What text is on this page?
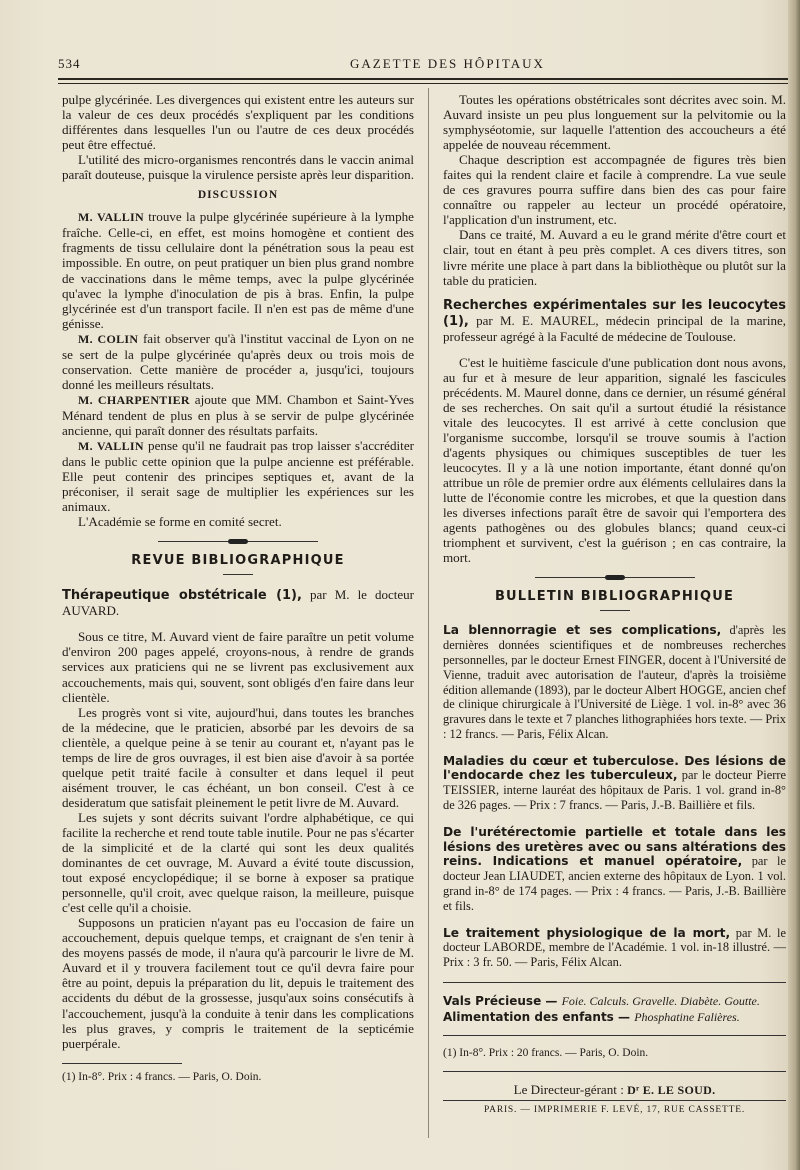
534	GAZETTE DES HÔPITAUX

pulpe glycérinée. Les divergences qui existent entre les auteurs sur la valeur de ces deux procédés s'expliquent par les conditions différentes dans lesquelles l'un ou l'autre de ces deux procédés peut être effectué.

L'utilité des micro-organismes rencontrés dans le vaccin animal paraît douteuse, puisque la virulence persiste après leur disparition.

DISCUSSION

M. VALLIN trouve la pulpe glycérinée supérieure à la lymphe fraîche. Celle-ci, en effet, est moins homogène et contient des fragments de tissu cellulaire dont la pénétration sous la peau est impossible. En outre, on peut pratiquer un bien plus grand nombre de vaccinations dans le même temps, avec la pulpe glycérinée qu'avec la lymphe d'inoculation de pis à bras. Enfin, la pulpe glycérinée est d'un transport facile. Il n'en est pas de même d'une génisse.

M. COLIN fait observer qu'à l'institut vaccinal de Lyon on ne se sert de la pulpe glycérinée qu'après deux ou trois mois de conservation. Cette manière de procéder a, jusqu'ici, toujours donné les meilleurs résultats.

M. CHARPENTIER ajoute que MM. Chambon et Saint-Yves Ménard tendent de plus en plus à se servir de pulpe glycérinée ancienne, qui paraît donner des résultats parfaits.

M. VALLIN pense qu'il ne faudrait pas trop laisser s'accréditer dans le public cette opinion que la pulpe ancienne est préférable. Elle peut contenir des principes septiques et, avant de la préconiser, il serait sage de multiplier les expériences sur les animaux.

L'Académie se forme en comité secret.

REVUE BIBLIOGRAPHIQUE
Thérapeutique obstétricale (1), par M. le docteur AUVARD.

Sous ce titre, M. Auvard vient de faire paraître un petit volume d'environ 200 pages appelé, croyons-nous, à rendre de grands services aux praticiens qui ne se livrent pas exclusivement aux accouchements, mais qui, souvent, sont obligés d'en faire dans leur clientèle.

Les progrès vont si vite, aujourd'hui, dans toutes les branches de la médecine, que le praticien, absorbé par les devoirs de sa clientèle, a quelque peine à se tenir au courant et, n'ayant pas le temps de lire de gros ouvrages, il est bien aise d'avoir à sa portée quelque petit traité facile à consulter et dans lequel il peut aisément trouver, le cas échéant, un bon conseil. C'est à ce desideratum que satisfait pleinement le petit livre de M. Auvard.

Les sujets y sont décrits suivant l'ordre alphabétique, ce qui facilite la recherche et rend toute table inutile. Pour ne pas s'écarter de la simplicité et de la clarté qui sont les deux qualités dominantes de cet ouvrage, M. Auvard a évité toute discussion, tout exposé encyclopédique; il se borne à exposer sa pratique personnelle, qu'il croit, avec quelque raison, la meilleure, puisque c'est celle qu'il a choisie.

Supposons un praticien n'ayant pas eu l'occasion de faire un accouchement, depuis quelque temps, et craignant de s'en tenir à des moyens passés de mode, il n'aura qu'à parcourir le livre de M. Auvard et il y trouvera facilement tout ce qu'il devra faire pour être au point, depuis la préparation du lit, depuis le traitement des accidents du début de la grossesse, jusqu'aux soins consécutifs à l'accouchement, jusqu'à la conduite à tenir dans les complications les plus graves, y compris le traitement de la septicémie puerpérale.

(1) In-8°. Prix : 4 francs. — Paris, O. Doin.

Toutes les opérations obstétricales sont décrites avec soin. M. Auvard insiste un peu plus longuement sur la pelvitomie ou la symphyséotomie, sur laquelle l'attention des accoucheurs a été appelée de nouveau récemment.

Chaque description est accompagnée de figures très bien faites qui la rendent claire et facile à comprendre. La vue seule de ces gravures pourra suffire dans bien des cas pour faire connaître ou rappeler au lecteur un procédé opératoire, l'application d'un instrument, etc.

Dans ce traité, M. Auvard a eu le grand mérite d'être court et clair, tout en étant à peu près complet. A ces divers titres, son livre mérite une place à part dans la bibliothèque ou plutôt sur la table du praticien.

Recherches expérimentales sur les leucocytes (1), par M. E. MAUREL, médecin principal de la marine, professeur agrégé à la Faculté de médecine de Toulouse.

C'est le huitième fascicule d'une publication dont nous avons, au fur et à mesure de leur apparition, signalé les fascicules précédents. M. Maurel donne, dans ce dernier, un résumé général de ses recherches. On sait qu'il a surtout étudié la résistance vitale des leucocytes. Il est arrivé à cette conclusion que l'organisme succombe, lorsqu'il se trouve soumis à l'action d'agents physiques ou chimiques susceptibles de tuer les leucocytes. Il y a là une notion importante, étant donné qu'on attribue un rôle de premier ordre aux éléments cellulaires dans la lutte de l'économie contre les microbes, et que la question dans les diverses infections paraît être de savoir qui l'emportera des agents pathogènes ou des globules blancs; quand ceux-ci triomphent et survivent, c'est la guérison ; en cas contraire, la mort.

BULLETIN BIBLIOGRAPHIQUE

La blennorragie et ses complications, d'après les dernières données scientifiques et de nombreuses recherches personnelles, par le docteur Ernest FINGER, docent à l'Université de Vienne, traduit avec autorisation de l'auteur, d'après la troisième édition allemande (1893), par le docteur Albert HOGGE, ancien chef de clinique chirurgicale à l'Université de Liège. 1 vol. in-8° avec 36 gravures dans le texte et 7 planches lithographiées hors texte. — Prix : 12 francs. — Paris, Félix Alcan.

Maladies du cœur et tuberculose. Des lésions de l'endocarde chez les tuberculeux, par le docteur Pierre TEISSIER, interne lauréat des hôpitaux de Paris. 1 vol. grand in-8° de 326 pages. — Prix : 7 francs. — Paris, J.-B. Baillière et fils.

De l'urétérectomie partielle et totale dans les lésions des uretères avec ou sans altérations des reins. Indications et manuel opératoire, par le docteur Jean LIAUDET, ancien externe des hôpitaux de Lyon. 1 vol. grand in-8° de 174 pages. — Prix : 4 francs. — Paris, J.-B. Baillière et fils.

Le traitement physiologique de la mort, par M. le docteur LABORDE, membre de l'Académie. 1 vol. in-18 illustré. — Prix : 3 fr. 50. — Paris, Félix Alcan.

Vals Précieuse — Foie. Calculs. Gravelle. Diabète. Goutte.

Alimentation des enfants — Phosphatine Falières.

(1) In-8°. Prix : 20 francs. — Paris, O. Doin.

Le Directeur-gérant : Dʳ E. LE SOUD.

PARIS. — IMPRIMERIE F. LEVÉ, 17, RUE CASSETTE.
